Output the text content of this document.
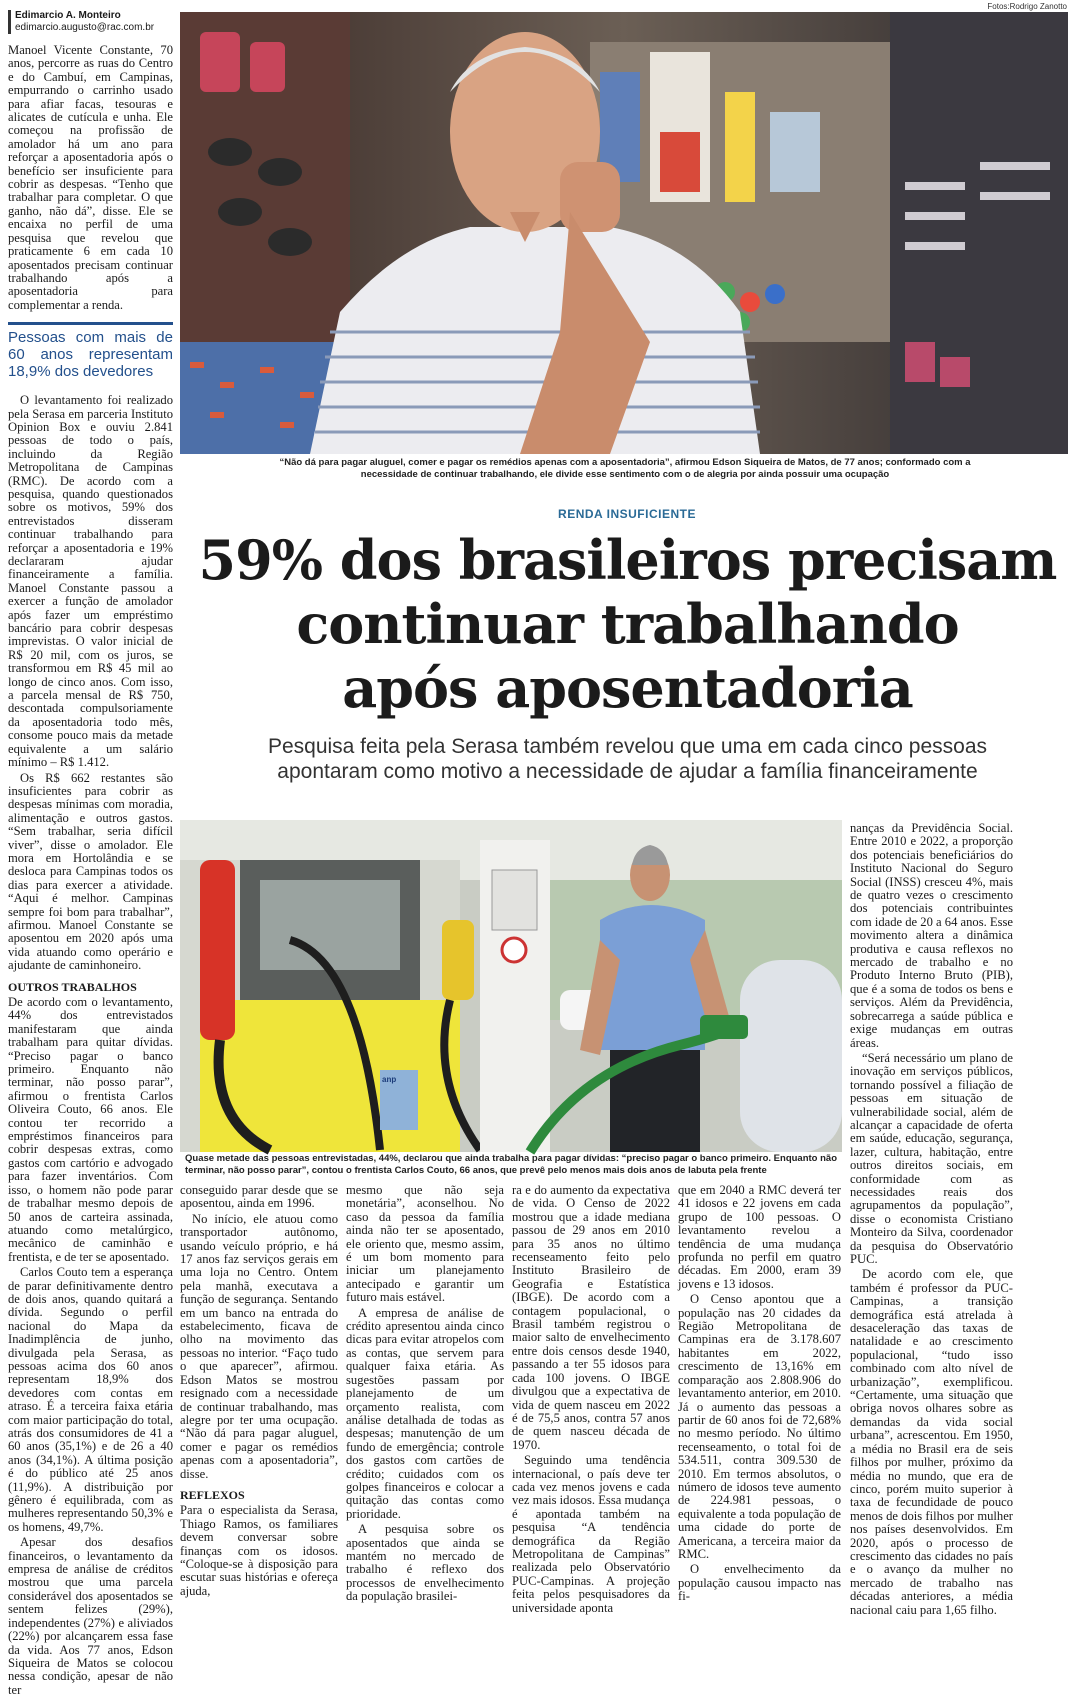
Edimarcio A. Monteiro
edimarcio.augusto@rac.com.br
Fotos:Rodrigo Zanotto

Manoel Vicente Constante, 70 anos, percorre as ruas do Centro e do Cambuí, em Campinas, empurrando o carrinho usado para afiar facas, tesouras e alicates de cutícula e unha. Ele começou na profissão de amolador há um ano para reforçar a aposentadoria após o benefício ser insuficiente para cobrir as despesas. “Tenho que trabalhar para completar. O que ganho, não dá”, disse. Ele se encaixa no perfil de uma pesquisa que revelou que praticamente 6 em cada 10 aposentados precisam continuar trabalhando após a aposentadoria para complementar a renda.

Pessoas com mais de 60 anos representam 18,9% dos devedores

O levantamento foi realizado pela Serasa em parceria Instituto Opinion Box e ouviu 2.841 pessoas de todo o país, incluindo da Região Metropolitana de Campinas (RMC). De acordo com a pesquisa, quando questionados sobre os motivos, 59% dos entrevistados disseram continuar trabalhando para reforçar a aposentadoria e 19% declararam ajudar financeiramente a família. Manoel Constante passou a exercer a função de amolador após fazer um empréstimo bancário para cobrir despesas imprevistas. O valor inicial de R$ 20 mil, com os juros, se transformou em R$ 45 mil ao longo de cinco anos. Com isso, a parcela mensal de R$ 750, descontada compulsoriamente da aposentadoria todo mês, consome pouco mais da metade equivalente a um salário mínimo – R$ 1.412.

Os R$ 662 restantes são insuficientes para cobrir as despesas mínimas com moradia, alimentação e outros gastos. “Sem trabalhar, seria difícil viver”, disse o amolador. Ele mora em Hortolândia e se desloca para Campinas todos os dias para exercer a atividade. “Aqui é melhor. Campinas sempre foi bom para trabalhar”, afirmou. Manoel Constante se aposentou em 2020 após uma vida atuando como operário e ajudante de caminhoneiro.

OUTROS TRABALHOS

De acordo com o levantamento, 44% dos entrevistados manifestaram que ainda trabalham para quitar dívidas. “Preciso pagar o banco primeiro. Enquanto não terminar, não posso parar”, afirmou o frentista Carlos Oliveira Couto, 66 anos. Ele contou ter recorrido a empréstimos financeiros para cobrir despesas extras, como gastos com cartório e advogado para fazer inventários. Com isso, o homem não pode parar de trabalhar mesmo depois de 50 anos de carteira assinada, atuando como metalúrgico, mecânico de caminhão e frentista, e de ter se aposentado.

Carlos Couto tem a esperança de parar definitivamente dentro de dois anos, quando quitará a dívida. Segundo o perfil nacional do Mapa da Inadimplência de junho, divulgada pela Serasa, as pessoas acima dos 60 anos representam 18,9% dos devedores com contas em atraso. É a terceira faixa etária com maior participação do total, atrás dos consumidores de 41 a 60 anos (35,1%) e de 26 a 40 anos (34,1%). A última posição é do público até 25 anos (11,9%). A distribuição por gênero é equilibrada, com as mulheres representando 50,3% e os homens, 49,7%.

Apesar dos desafios financeiros, o levantamento da empresa de análise de créditos mostrou que uma parcela considerável dos aposentados se sentem felizes (29%), independentes (27%) e aliviados (22%) por alcançarem essa fase da vida. Aos 77 anos, Edson Siqueira de Matos se colocou nessa condição, apesar de não ter

“Não dá para pagar aluguel, comer e pagar os remédios apenas com a aposentadoria”, afirmou Edson Siqueira de Matos, de 77 anos; conformado com a necessidade de continuar trabalhando, ele divide esse sentimento com o de alegria por ainda possuir uma ocupação
RENDA INSUFICIENTE
59% dos brasileiros precisam
continuar trabalhando
após aposentadoria
Pesquisa feita pela Serasa também revelou que uma em cada cinco pessoas
apontaram como motivo a necessidade de ajudar a família financeiramente
Quase metade das pessoas entrevistadas, 44%, declarou que ainda trabalha para pagar dívidas: “preciso pagar o banco primeiro. Enquanto não terminar, não posso parar”, contou o frentista Carlos Couto, 66 anos, que prevê pelo menos mais dois anos de labuta pela frente

nanças da Previdência Social. Entre 2010 e 2022, a proporção dos potenciais beneficiários do Instituto Nacional do Seguro Social (INSS) cresceu 4%, mais de quatro vezes o crescimento dos potenciais contribuintes com idade de 20 a 64 anos. Esse movimento altera a dinâmica produtiva e causa reflexos no mercado de trabalho e no Produto Interno Bruto (PIB), que é a soma de todos os bens e serviços. Além da Previdência, sobrecarrega a saúde pública e exige mudanças em outras áreas.

“Será necessário um plano de inovação em serviços públicos, tornando possível a filiação de pessoas em situação de vulnerabilidade social, além de alcançar a capacidade de oferta em saúde, educação, segurança, lazer, cultura, habitação, entre outros direitos sociais, em conformidade com as necessidades reais dos agrupamentos da população”, disse o economista Cristiano Monteiro da Silva, coordenador da pesquisa do Observatório PUC.

De acordo com ele, que também é professor da PUC-Campinas, a transição demográfica está atrelada à desaceleração das taxas de natalidade e ao crescimento populacional, “tudo isso combinado com alto nível de urbanização”, exemplificou. “Certamente, uma situação que obriga novos olhares sobre as demandas da vida social urbana”, acrescentou. Em 1950, a média no Brasil era de seis filhos por mulher, próximo da média no mundo, que era de cinco, porém muito superior à taxa de fecundidade de pouco menos de dois filhos por mulher nos países desenvolvidos. Em 2020, após o processo de crescimento das cidades no país e o avanço da mulher no mercado de trabalho nas décadas anteriores, a média nacional caiu para 1,65 filho.

conseguido parar desde que se aposentou, ainda em 1996.

No início, ele atuou como transportador autônomo, usando veículo próprio, e há 17 anos faz serviços gerais em uma loja no Centro. Ontem pela manhã, executava a função de segurança. Sentando em um banco na entrada do estabelecimento, ficava de olho na movimento das pessoas no interior. “Faço tudo o que aparecer”, afirmou. Edson Matos se mostrou resignado com a necessidade de continuar trabalhando, mas alegre por ter uma ocupação. “Não dá para pagar aluguel, comer e pagar os remédios apenas com a aposentadoria”, disse.

REFLEXOS

Para o especialista da Serasa, Thiago Ramos, os familiares devem conversar sobre finanças com os idosos. “Coloque-se à disposição para escutar suas histórias e ofereça ajuda,

mesmo que não seja monetária”, aconselhou. No caso da pessoa da família ainda não ter se aposentado, ele oriento que, mesmo assim, é um bom momento para iniciar um planejamento antecipado e garantir um futuro mais estável.

A empresa de análise de crédito apresentou ainda cinco dicas para evitar atropelos com as contas, que servem para qualquer faixa etária. As sugestões passam por planejamento de um orçamento realista, com análise detalhada de todas as despesas; manutenção de um fundo de emergência; controle dos gastos com cartões de crédito; cuidados com os golpes financeiros e colocar a quitação das contas como prioridade.

A pesquisa sobre os aposentados que ainda se mantém no mercado de trabalho é reflexo dos processos de envelhecimento da população brasilei-

ra e do aumento da expectativa de vida. O Censo de 2022 mostrou que a idade mediana passou de 29 anos em 2010 para 35 anos no último recenseamento feito pelo Instituto Brasileiro de Geografia e Estatística (IBGE). De acordo com a contagem populacional, o Brasil também registrou o maior salto de envelhecimento entre dois censos desde 1940, passando a ter 55 idosos para cada 100 jovens. O IBGE divulgou que a expectativa de vida de quem nasceu em 2022 é de 75,5 anos, contra 57 anos de quem nasceu década de 1970.

Seguindo uma tendência internacional, o país deve ter cada vez menos jovens e cada vez mais idosos. Essa mudança é apontada também na pesquisa “A tendência demográfica da Região Metropolitana de Campinas” realizada pelo Observatório PUC-Campinas. A projeção feita pelos pesquisadores da universidade aponta

que em 2040 a RMC deverá ter 41 idosos e 22 jovens em cada grupo de 100 pessoas. O levantamento revelou a tendência de uma mudança profunda no perfil em quatro décadas. Em 2000, eram 39 jovens e 13 idosos.

O Censo apontou que a população nas 20 cidades da Região Metropolitana de Campinas era de 3.178.607 habitantes em 2022, crescimento de 13,16% em comparação aos 2.808.906 do levantamento anterior, em 2010. Já o aumento das pessoas a partir de 60 anos foi de 72,68% no mesmo período. No último recenseamento, o total foi de 534.511, contra 309.530 de 2010. Em termos absolutos, o número de idosos teve aumento de 224.981 pessoas, o equivalente a toda população de uma cidade do porte de Americana, a terceira maior da RMC.

O envelhecimento da população causou impacto nas fi-

anp
